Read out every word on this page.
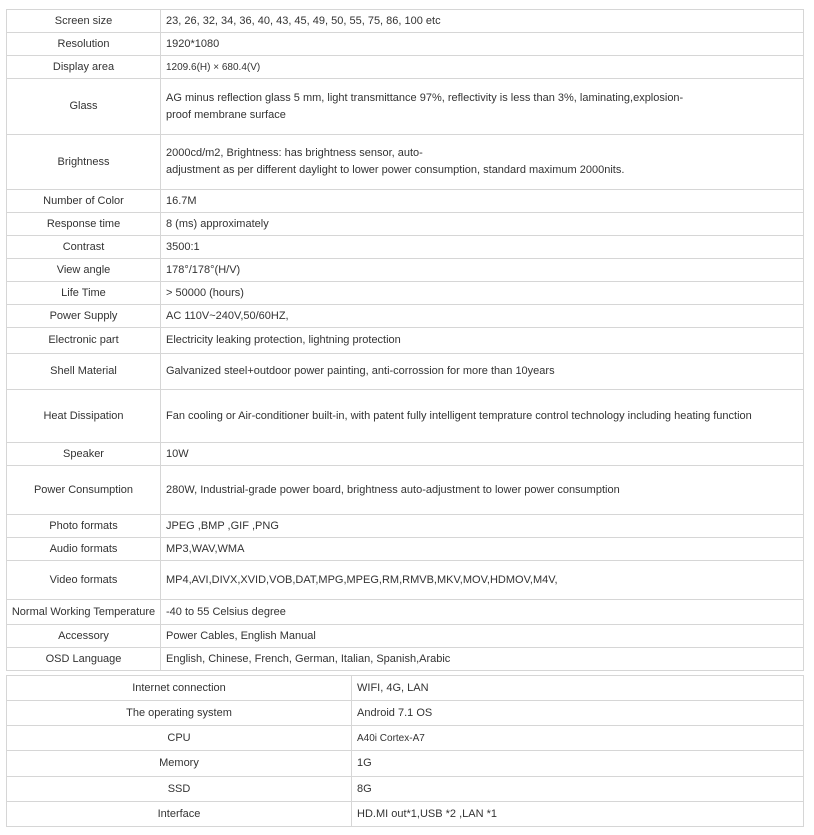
Screen size	23, 26, 32, 34, 36, 40, 43, 45, 49, 50, 55, 75, 86, 100 etc
Resolution	1920*1080
Display area	1209.6(H) × 680.4(V)
Glass	AG minus reflection glass 5 mm, light transmittance 97%, reflectivity is less than 3%, laminating,explosion-
proof membrane surface

Brightness	2000cd/m2, Brightness: has brightness sensor, auto-
adjustment as per different daylight to lower power consumption, standard maximum 2000nits.

Number of Color	16.7M
Response time	8 (ms) approximately
Contrast	3500:1
View angle	178°/178°(H/V)
Life Time	> 50000 (hours)
Power Supply	AC 110V~240V,50/60HZ,
Electronic part	Electricity leaking protection, lightning protection
Shell Material	Galvanized steel+outdoor power painting, anti-corrossion for more than 10years
Heat Dissipation	Fan cooling or Air-conditioner built-in, with patent fully intelligent temprature control technology including heating function
Speaker	10W
Power Consumption	280W, Industrial-grade power board, brightness auto-adjustment to lower power consumption
Photo formats	JPEG ,BMP ,GIF ,PNG
Audio formats	MP3,WAV,WMA
Video formats	MP4,AVI,DIVX,XVID,VOB,DAT,MPG,MPEG,RM,RMVB,MKV,MOV,HDMOV,M4V,
Normal Working Temperature	-40 to 55 Celsius degree
Accessory	Power Cables, English Manual
OSD Language	English, Chinese, French, German, Italian, Spanish,Arabic
Internet connection	WIFI, 4G, LAN
The operating system	Android 7.1 OS
CPU	A40i Cortex-A7
Memory	1G
SSD	8G
Interface	HD.MI out*1,USB *2 ,LAN *1
